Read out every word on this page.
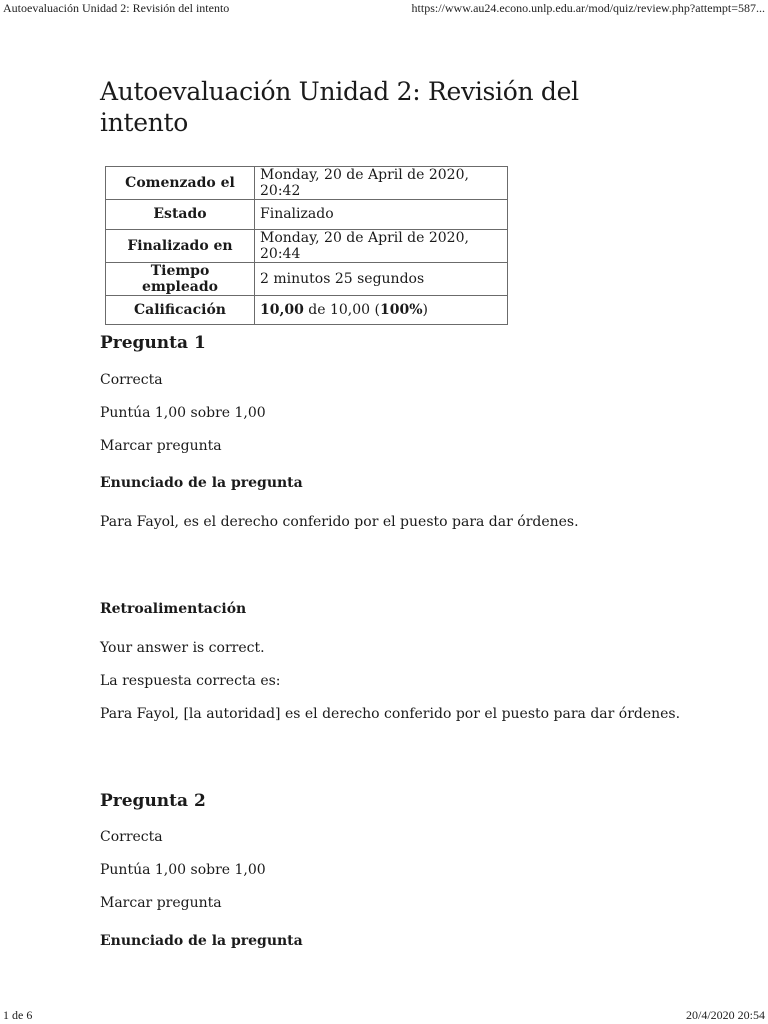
Autoevaluación Unidad 2: Revisión del intento	https://www.au24.econo.unlp.edu.ar/mod/quiz/review.php?attempt=587...
Autoevaluación Unidad 2: Revisión del intento
Comenzado el	Monday, 20 de April de 2020, 20:42
Estado	Finalizado
Finalizado en	Monday, 20 de April de 2020, 20:44
Tiempo empleado	2 minutos 25 segundos
Calificación	10,00 de 10,00 (100%)
Pregunta 1
Correcta
Puntúa 1,00 sobre 1,00
Marcar pregunta
Enunciado de la pregunta
Para Fayol, es el derecho conferido por el puesto para dar órdenes.
Retroalimentación
Your answer is correct.
La respuesta correcta es:
Para Fayol, [la autoridad] es el derecho conferido por el puesto para dar órdenes.
Pregunta 2
Correcta
Puntúa 1,00 sobre 1,00
Marcar pregunta
Enunciado de la pregunta
1 de 6	20/4/2020 20:54
